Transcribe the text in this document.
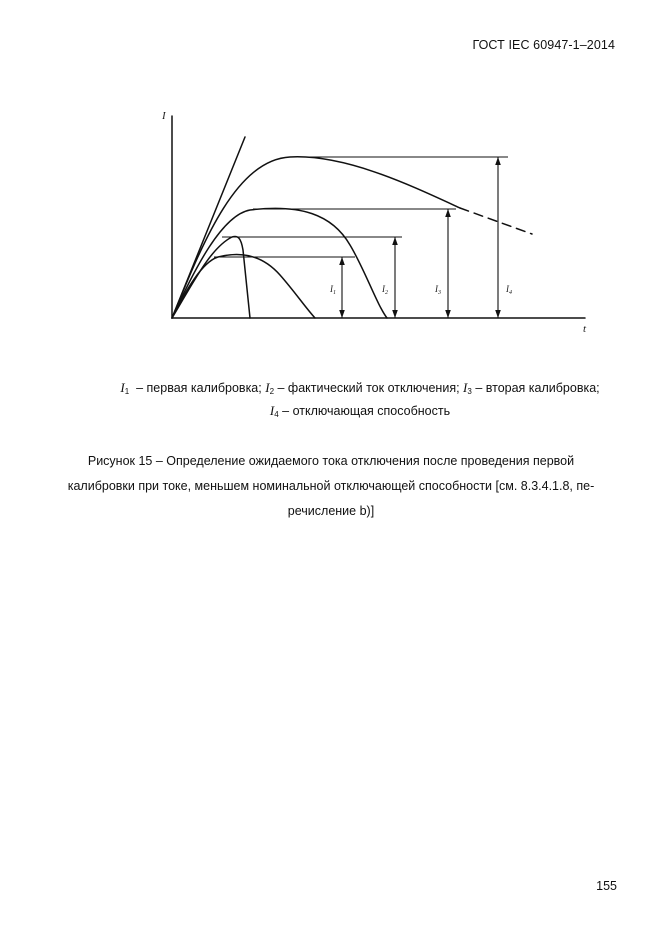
ГОСТ IEC 60947-1–2014
I
t
$I_1$	$I_2$	$I_3$	$I_4$
$I_1$  – первая калибровка; $I_2$ – фактический ток отключения; $I_3$ – вторая калибровка;
$I_4$ – отключающая способность

Рисунок 15 – Определение ожидаемого тока отключения после проведения первой

калибровки при токе, меньшем номинальной отключающей способности [см. 8.3.4.1.8, пе-

речисление b)]

155
